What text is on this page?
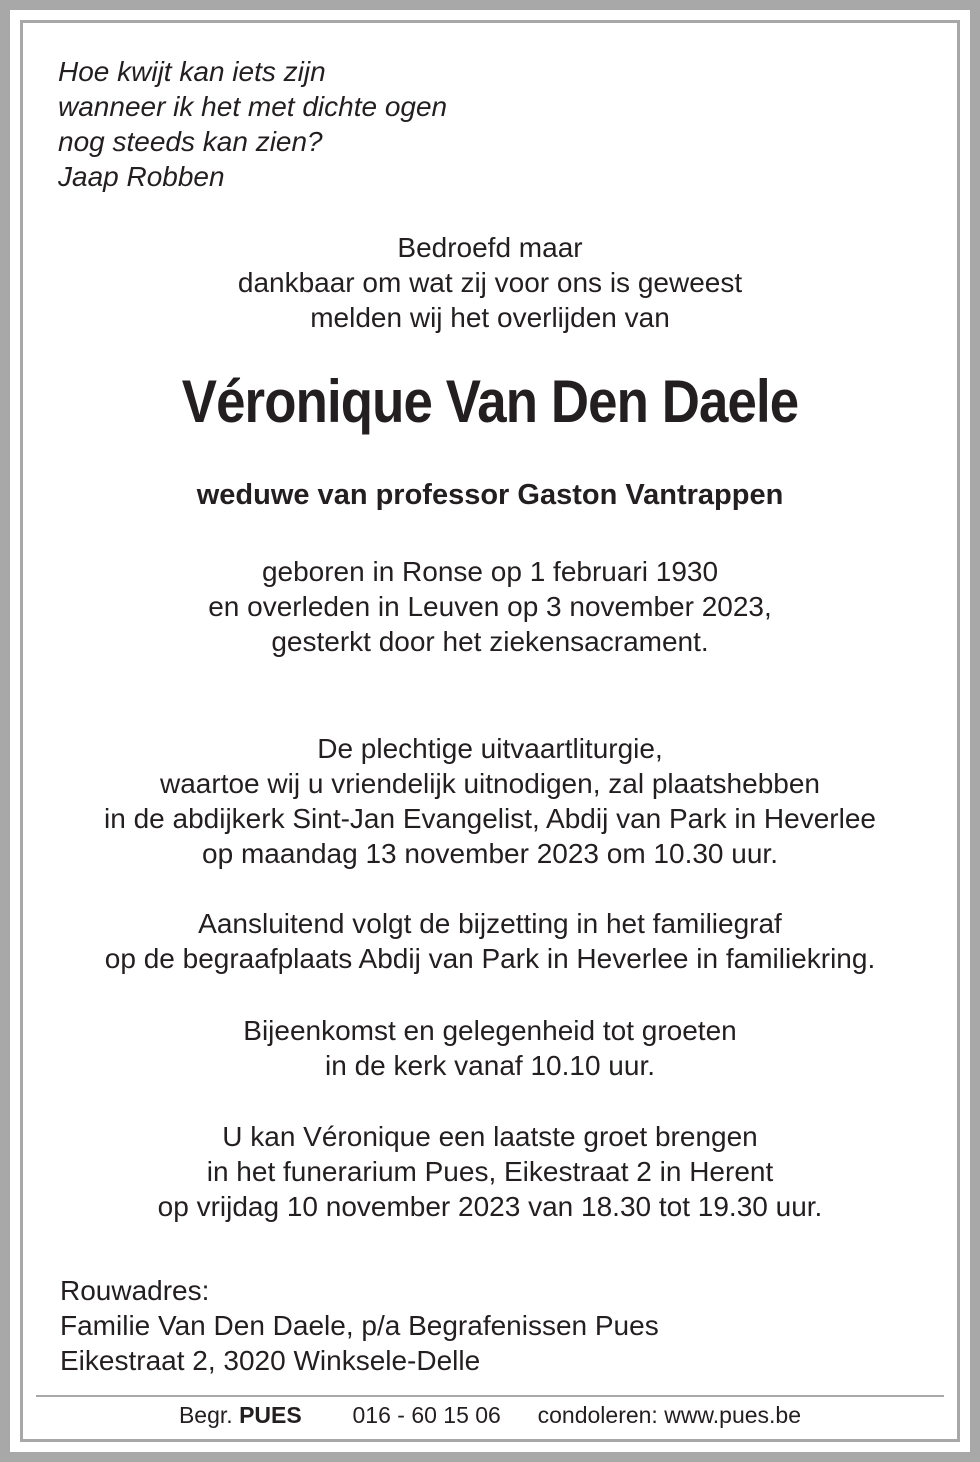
Hoe kwijt kan iets zijn
wanneer ik het met dichte ogen
nog steeds kan zien?
Jaap Robben
Bedroefd maar
dankbaar om wat zij voor ons is geweest
melden wij het overlijden van
Véronique Van Den Daele
weduwe van professor Gaston Vantrappen
geboren in Ronse op 1 februari 1930
en overleden in Leuven op 3 november 2023,
gesterkt door het ziekensacrament.
De plechtige uitvaartliturgie,
waartoe wij u vriendelijk uitnodigen, zal plaatshebben
in de abdijkerk Sint-Jan Evangelist, Abdij van Park in Heverlee
op maandag 13 november 2023 om 10.30 uur.
Aansluitend volgt de bijzetting in het familiegraf
op de begraafplaats Abdij van Park in Heverlee in familiekring.
Bijeenkomst en gelegenheid tot groeten
in de kerk vanaf 10.10 uur.
U kan Véronique een laatste groet brengen
in het funerarium Pues, Eikestraat 2 in Herent
op vrijdag 10 november 2023 van 18.30 tot 19.30 uur.
Rouwadres:
Familie Van Den Daele, p/a Begrafenissen Pues
Eikestraat 2, 3020 Winksele-Delle
Begr. PUES 016 - 60 15 06 condoleren: www.pues.be
